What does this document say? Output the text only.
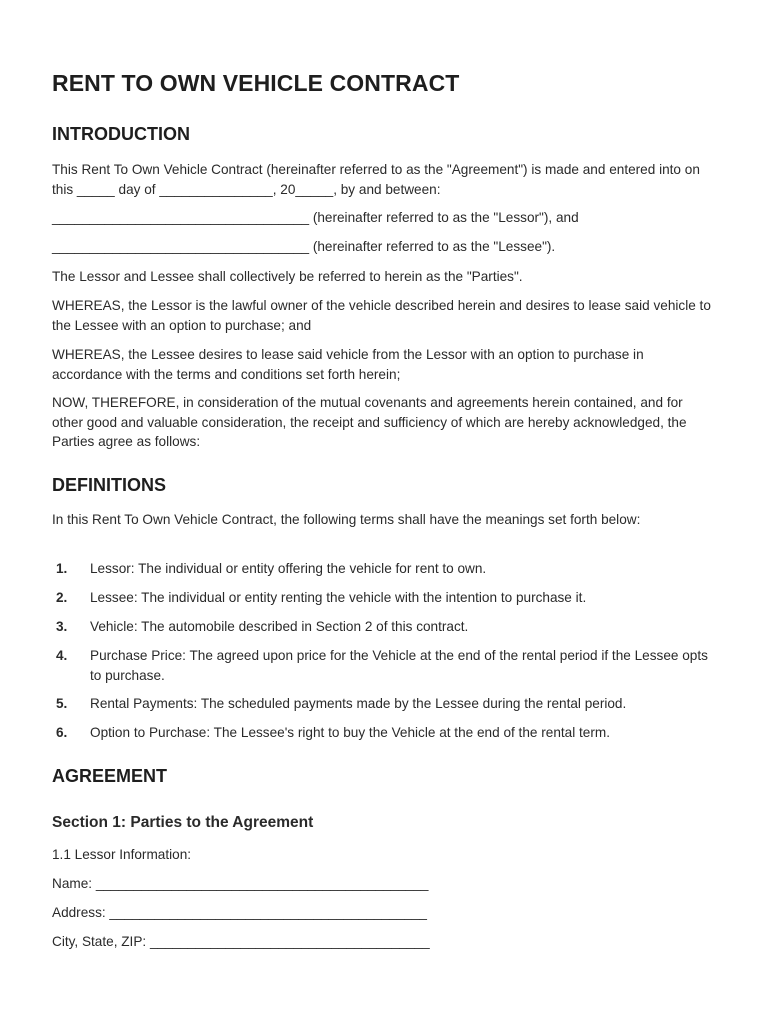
RENT TO OWN VEHICLE CONTRACT
INTRODUCTION

This Rent To Own Vehicle Contract (hereinafter referred to as the "Agreement") is made and entered into on this _____ day of _______________, 20_____, by and between:

__________________________________ (hereinafter referred to as the "Lessor"), and

__________________________________ (hereinafter referred to as the "Lessee").

The Lessor and Lessee shall collectively be referred to herein as the "Parties".

WHEREAS, the Lessor is the lawful owner of the vehicle described herein and desires to lease said vehicle to the Lessee with an option to purchase; and

WHEREAS, the Lessee desires to lease said vehicle from the Lessor with an option to purchase in accordance with the terms and conditions set forth herein;

NOW, THEREFORE, in consideration of the mutual covenants and agreements herein contained, and for other good and valuable consideration, the receipt and sufficiency of which are hereby acknowledged, the Parties agree as follows:

DEFINITIONS

In this Rent To Own Vehicle Contract, the following terms shall have the meanings set forth below:

1. Lessor: The individual or entity offering the vehicle for rent to own.
2. Lessee: The individual or entity renting the vehicle with the intention to purchase it.
3. Vehicle: The automobile described in Section 2 of this contract.
4. Purchase Price: The agreed upon price for the Vehicle at the end of the rental period if the Lessee opts to purchase.
5. Rental Payments: The scheduled payments made by the Lessee during the rental period.
6. Option to Purchase: The Lessee's right to buy the Vehicle at the end of the rental term.
AGREEMENT
Section 1: Parties to the Agreement

1.1 Lessor Information:

Name: ____________________________________________

Address: __________________________________________

City, State, ZIP: _____________________________________
